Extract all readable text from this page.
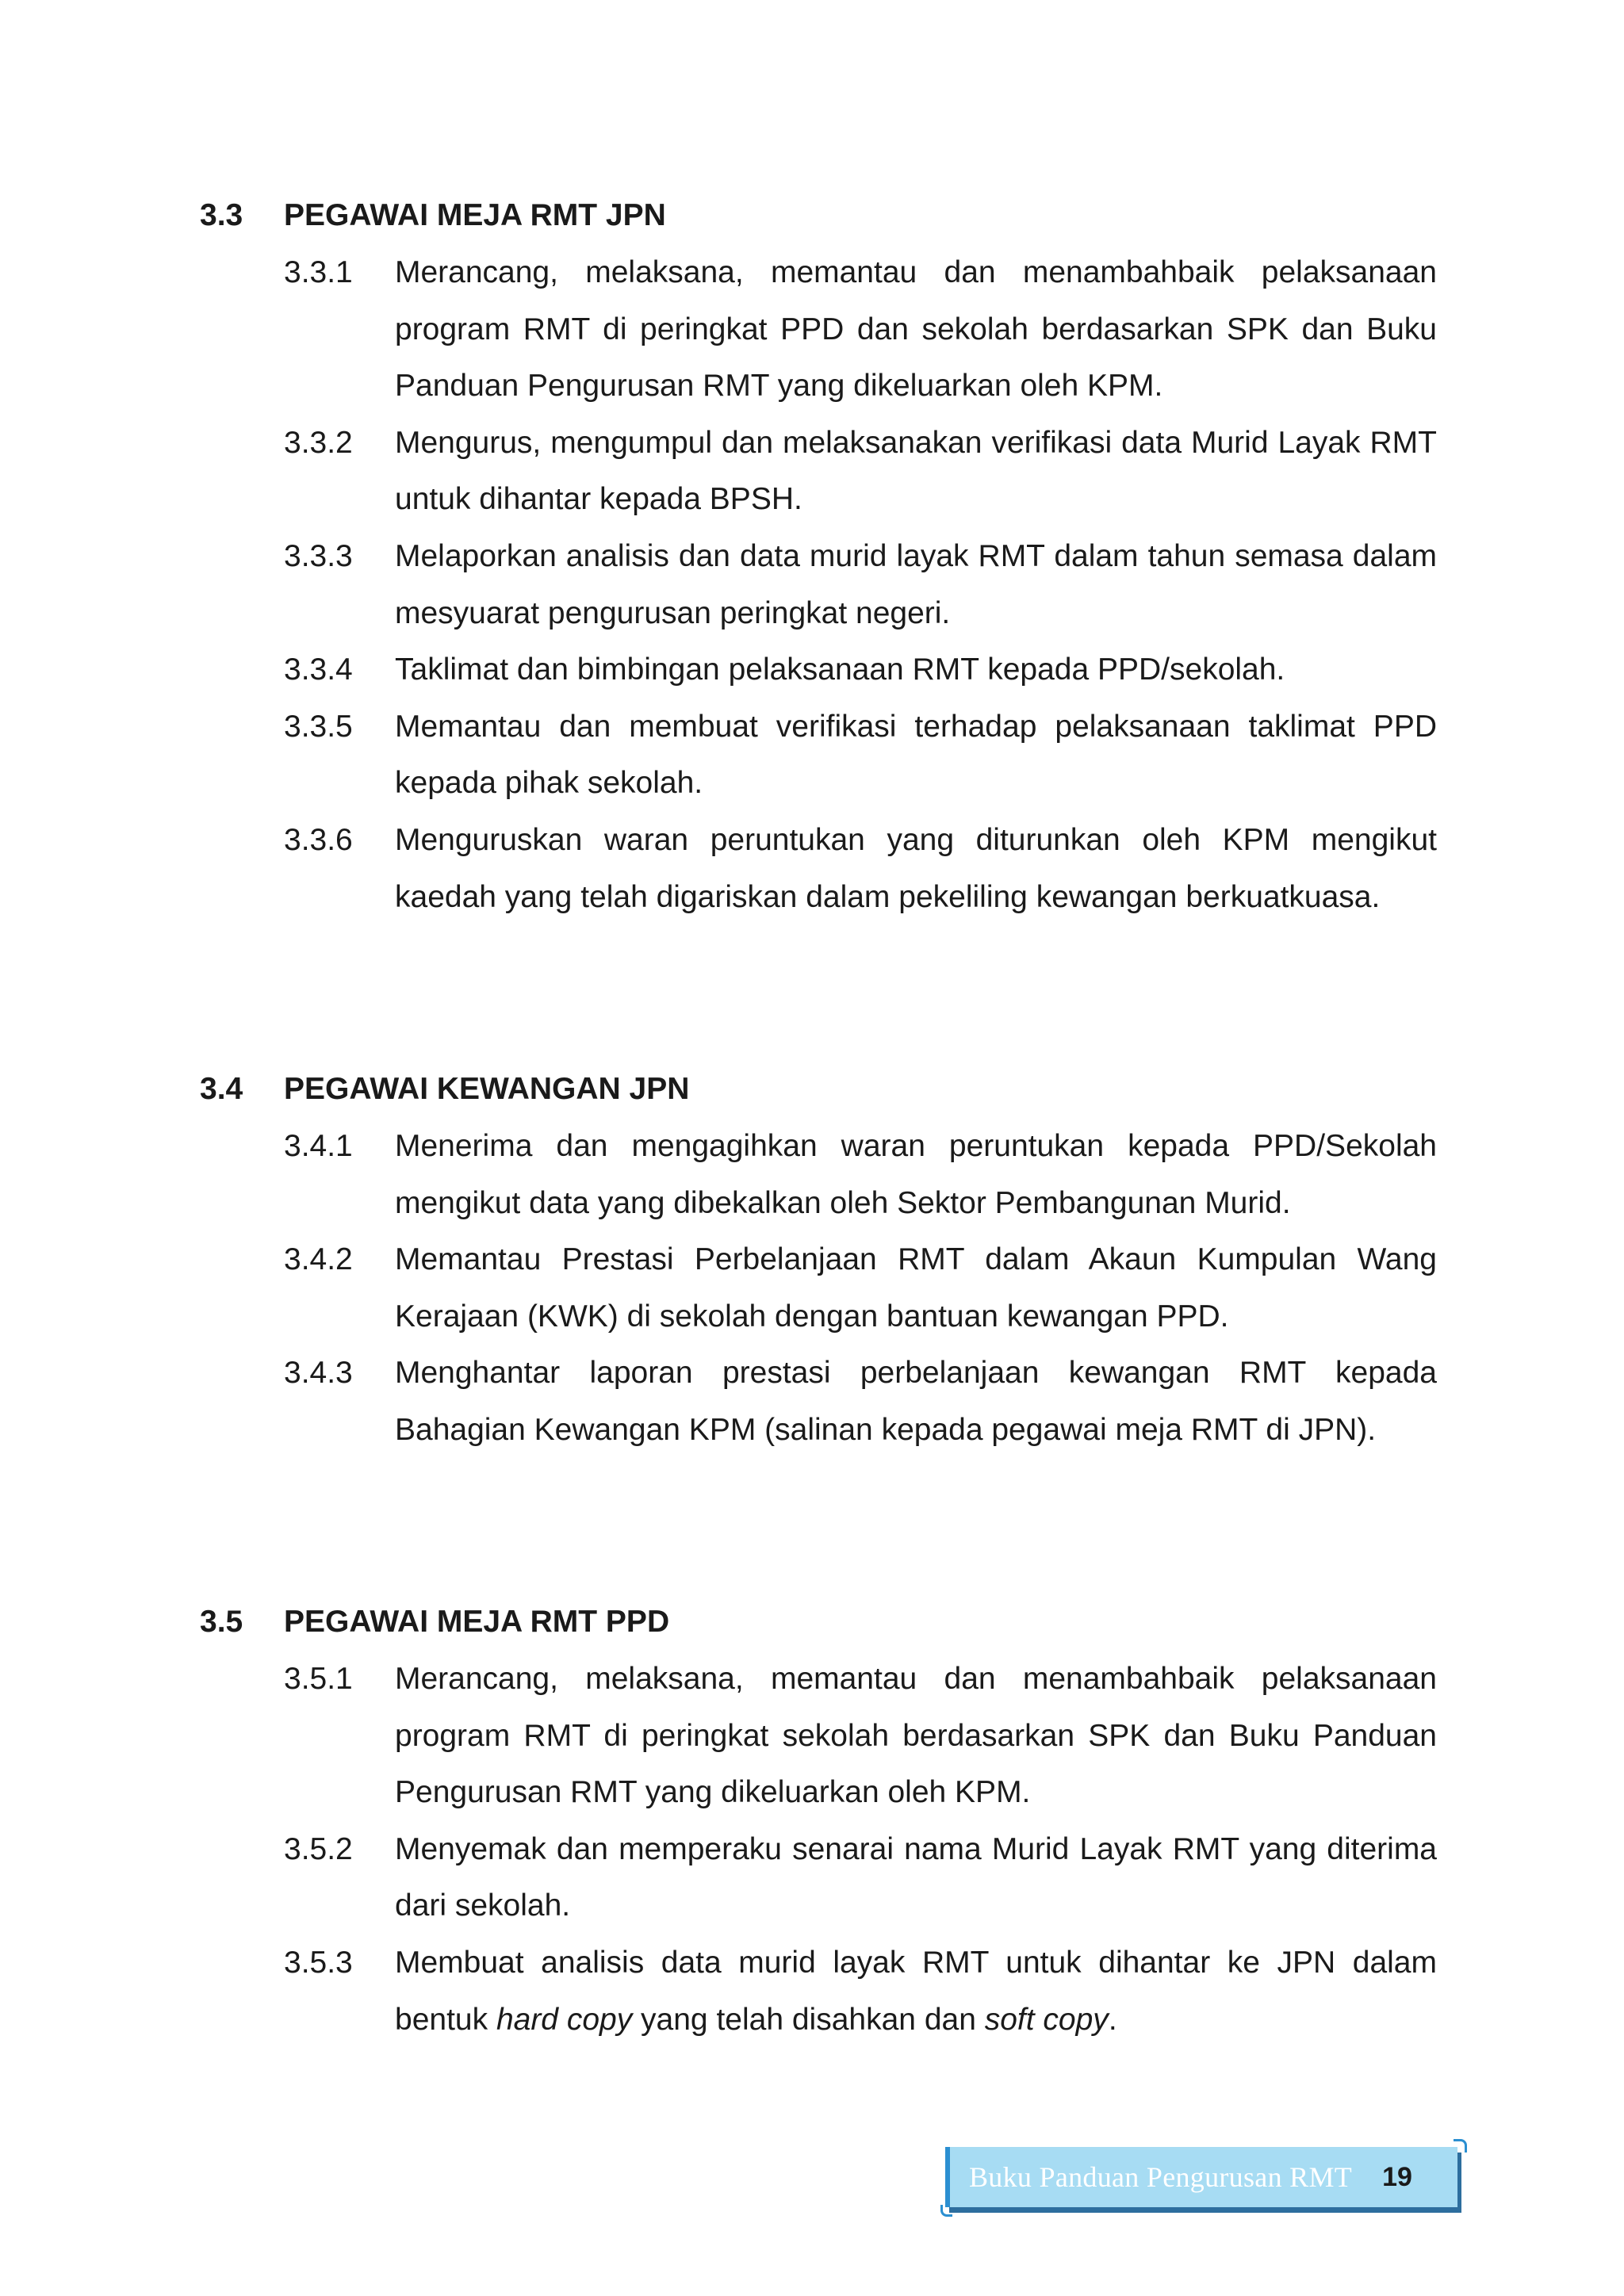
3.3	PEGAWAI MEJA RMT JPN
3.3.1	Merancang, melaksana, memantau dan menambahbaik pelaksanaan program RMT di peringkat PPD dan sekolah berdasarkan SPK dan Buku Panduan Pengurusan RMT yang dikeluarkan oleh KPM.
3.3.2	Mengurus, mengumpul dan melaksanakan verifikasi data Murid Layak RMT untuk dihantar kepada BPSH.
3.3.3	Melaporkan analisis dan data murid layak RMT dalam tahun semasa dalam mesyuarat pengurusan peringkat negeri.
3.3.4	Taklimat dan bimbingan pelaksanaan RMT kepada PPD/sekolah.
3.3.5	Memantau dan membuat verifikasi terhadap pelaksanaan taklimat PPD kepada pihak sekolah.
3.3.6	Menguruskan waran peruntukan yang diturunkan oleh KPM mengikut kaedah yang telah digariskan dalam pekeliling kewangan berkuatkuasa.
3.4	PEGAWAI KEWANGAN JPN
3.4.1	Menerima dan mengagihkan waran peruntukan kepada PPD/Sekolah mengikut data yang dibekalkan oleh Sektor Pembangunan Murid.
3.4.2	Memantau Prestasi Perbelanjaan RMT dalam Akaun Kumpulan Wang Kerajaan (KWK) di sekolah dengan bantuan kewangan PPD.
3.4.3	Menghantar laporan prestasi perbelanjaan kewangan RMT kepada Bahagian Kewangan KPM (salinan kepada pegawai meja RMT di JPN).
3.5	PEGAWAI MEJA RMT PPD
3.5.1	Merancang, melaksana, memantau dan menambahbaik pelaksanaan program RMT di peringkat sekolah berdasarkan SPK dan Buku Panduan Pengurusan RMT yang dikeluarkan oleh KPM.
3.5.2	Menyemak dan memperaku senarai nama Murid Layak RMT yang diterima dari sekolah.
3.5.3	Membuat analisis data murid layak RMT untuk dihantar ke JPN dalam bentuk hard copy yang telah disahkan dan soft copy.
Buku Panduan Pengurusan RMT 19
